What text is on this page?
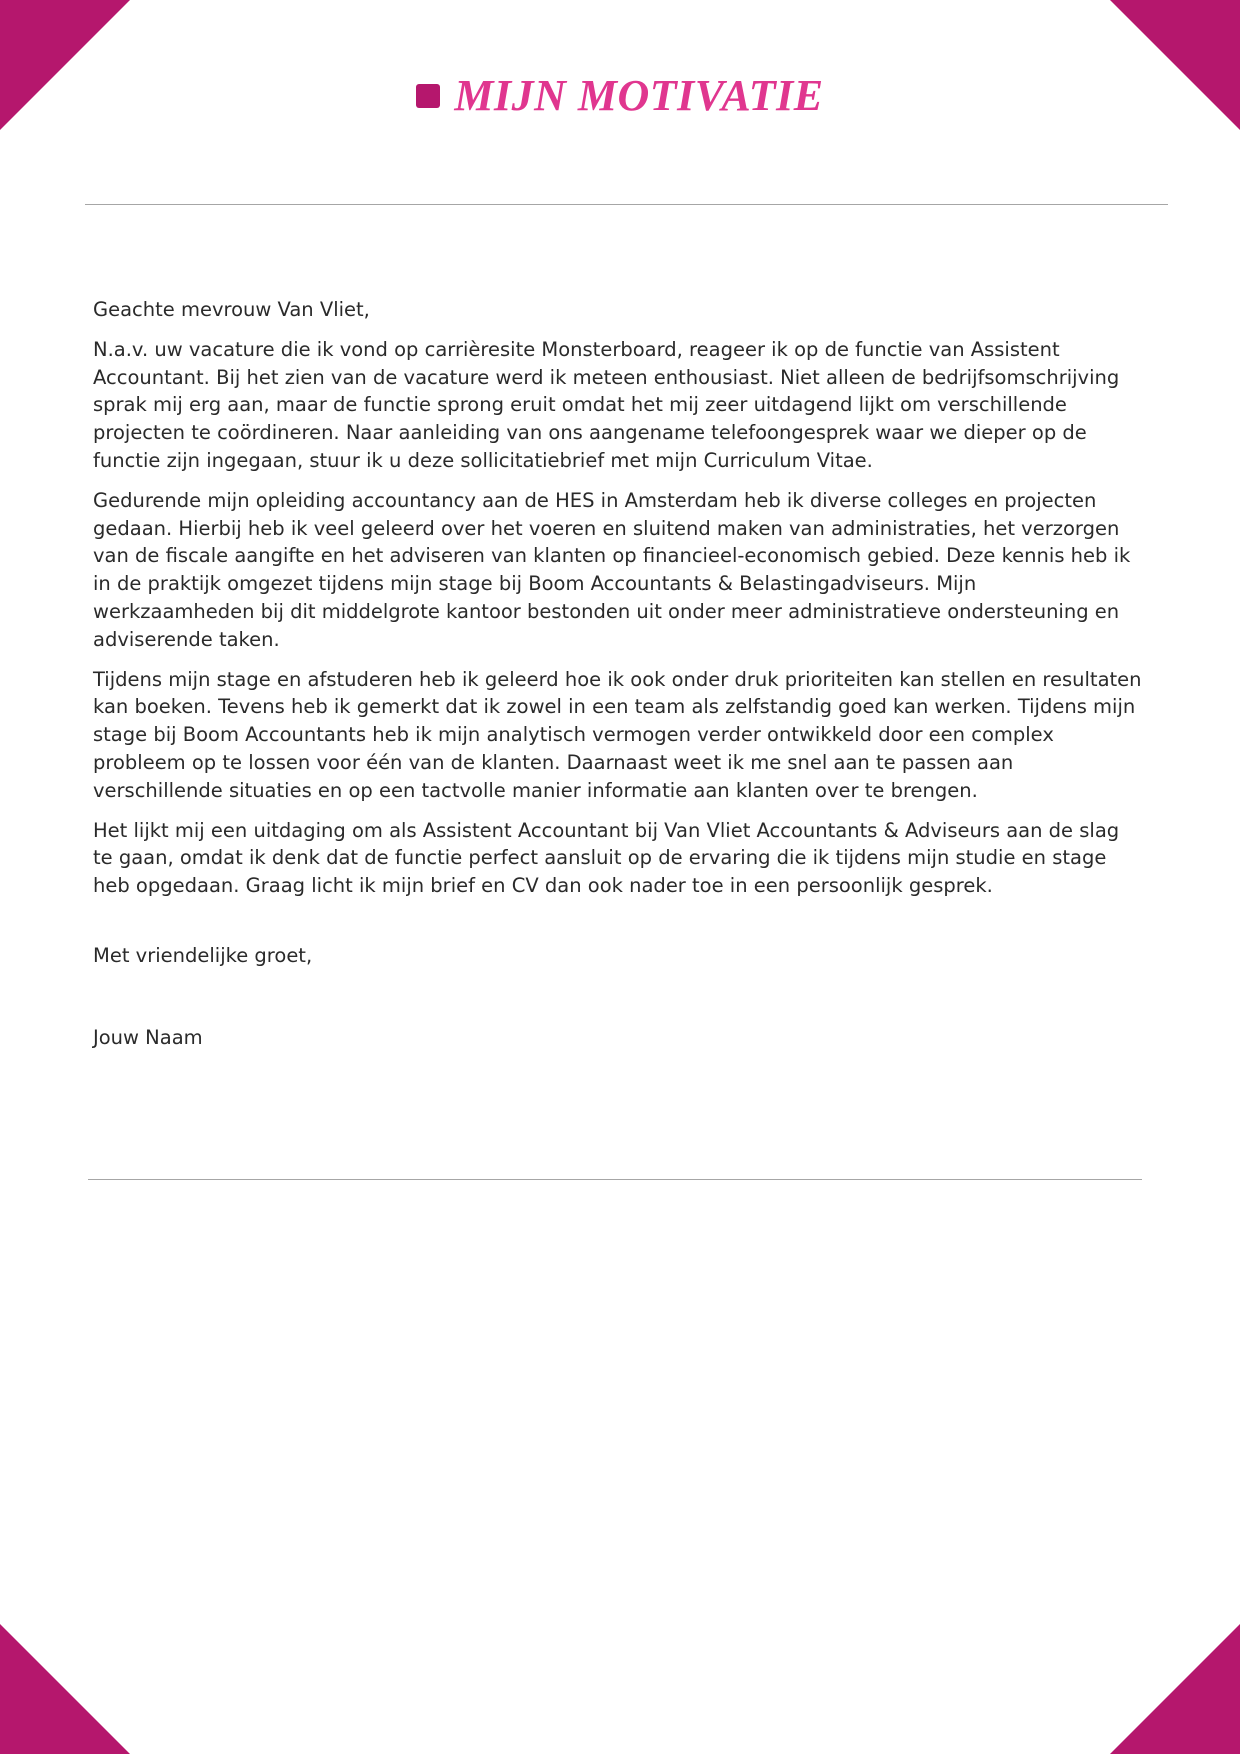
MIJN MOTIVATIE

Geachte mevrouw Van Vliet,

N.a.v. uw vacature die ik vond op carrièresite Monsterboard, reageer ik op de functie van Assistent Accountant. Bij het zien van de vacature werd ik meteen enthousiast. Niet alleen de bedrijfsomschrijving sprak mij erg aan, maar de functie sprong eruit omdat het mij zeer uitdagend lijkt om verschillende projecten te coördineren. Naar aanleiding van ons aangename telefoongesprek waar we dieper op de functie zijn ingegaan, stuur ik u deze sollicitatiebrief met mijn Curriculum Vitae.

Gedurende mijn opleiding accountancy aan de HES in Amsterdam heb ik diverse colleges en projecten gedaan. Hierbij heb ik veel geleerd over het voeren en sluitend maken van administraties, het verzorgen van de fiscale aangifte en het adviseren van klanten op financieel-economisch gebied. Deze kennis heb ik in de praktijk omgezet tijdens mijn stage bij Boom Accountants & Belastingadviseurs. Mijn werkzaamheden bij dit middelgrote kantoor bestonden uit onder meer administratieve ondersteuning en adviserende taken.

Tijdens mijn stage en afstuderen heb ik geleerd hoe ik ook onder druk prioriteiten kan stellen en resultaten kan boeken. Tevens heb ik gemerkt dat ik zowel in een team als zelfstandig goed kan werken. Tijdens mijn stage bij Boom Accountants heb ik mijn analytisch vermogen verder ontwikkeld door een complex probleem op te lossen voor één van de klanten. Daarnaast weet ik me snel aan te passen aan verschillende situaties en op een tactvolle manier informatie aan klanten over te brengen.

Het lijkt mij een uitdaging om als Assistent Accountant bij Van Vliet Accountants & Adviseurs aan de slag te gaan, omdat ik denk dat de functie perfect aansluit op de ervaring die ik tijdens mijn studie en stage heb opgedaan. Graag licht ik mijn brief en CV dan ook nader toe in een persoonlijk gesprek.

Met vriendelijke groet,

Jouw Naam
